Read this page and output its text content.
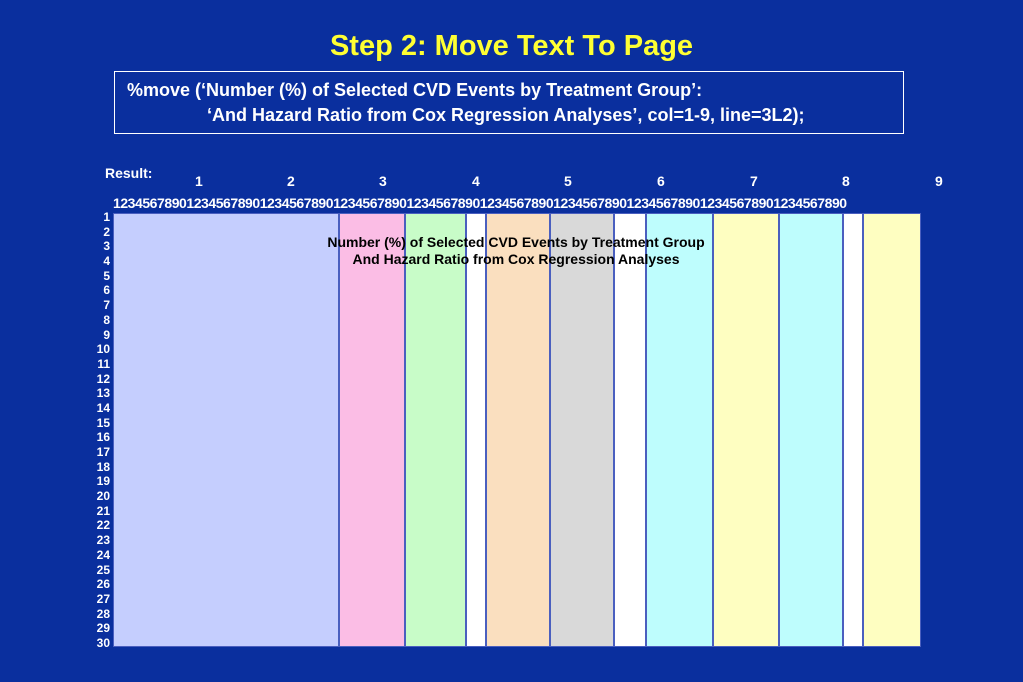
Step 2: Move Text To Page
%move (‘Number (%) of Selected CVD Events by Treatment Group’:
‘And Hazard Ratio from Cox Regression Analyses’, col=1-9, line=3L2);
Result:	1	2	3	4	5	6	7	8	9
1234567890123456789012345678901234567890123456789012345678901234567890123456789012345678901234567890
1
2
3
4
5
6
7
8
9
10
11
12
13
14
15
16
17
18
19
20
21
22
23
24
25
26
27
28
29
30
Number (%) of Selected CVD Events by Treatment Group
And Hazard Ratio from Cox Regression Analyses
